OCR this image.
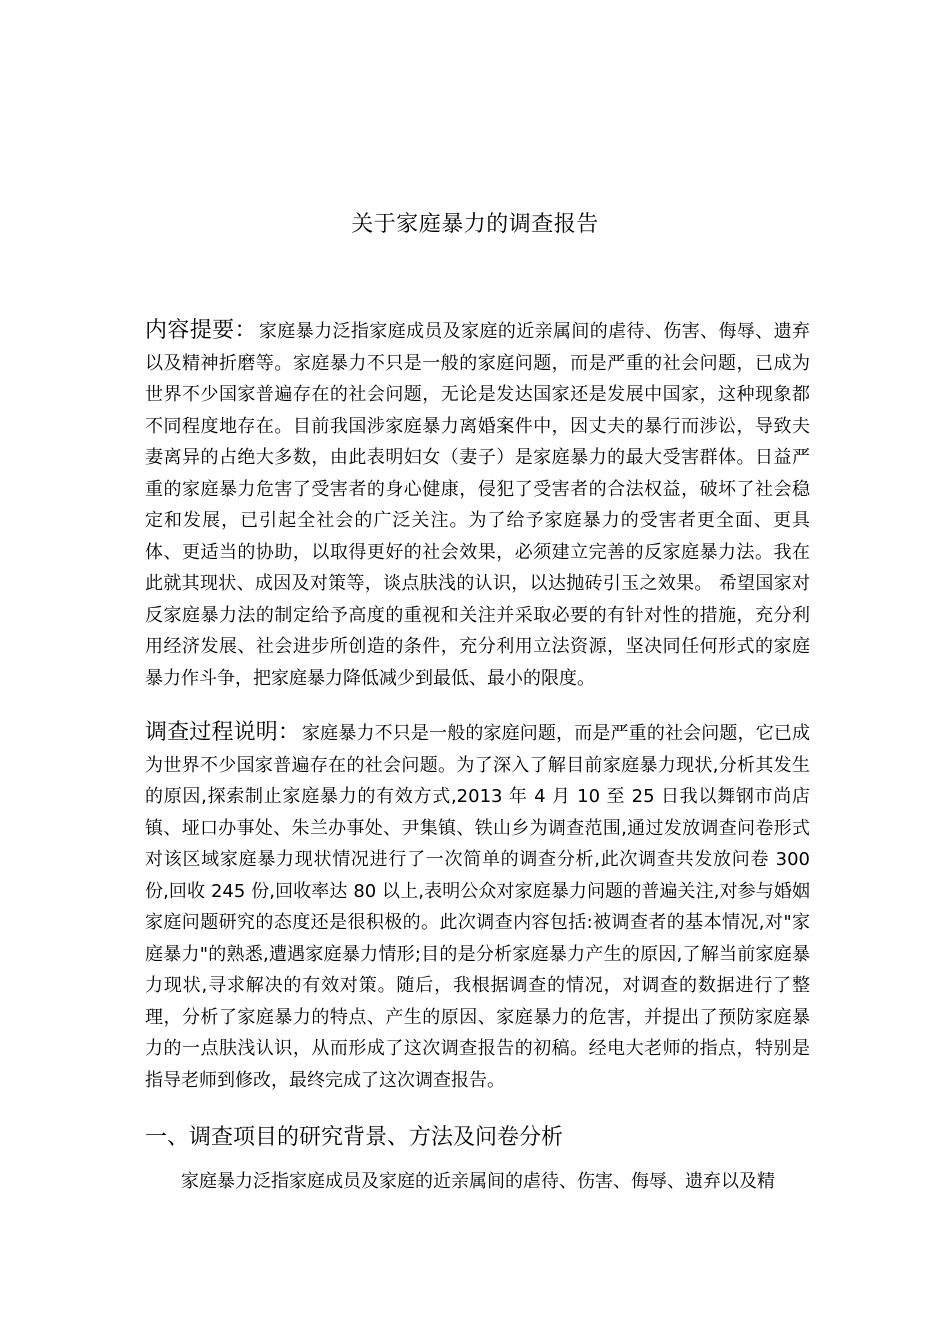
关于家庭暴力的调查报告
内容提要： 家庭暴力泛指家庭成员及家庭的近亲属间的虐待、伤害、侮辱、遗弃以及精神折磨等。家庭暴力不只是一般的家庭问题，而是严重的社会问题，已成为世界不少国家普遍存在的社会问题，无论是发达国家还是发展中国家，这种现象都不同程度地存在。目前我国涉家庭暴力离婚案件中，因丈夫的暴行而涉讼，导致夫妻离异的占绝大多数，由此表明妇女（妻子）是家庭暴力的最大受害群体。日益严重的家庭暴力危害了受害者的身心健康，侵犯了受害者的合法权益，破坏了社会稳定和发展，已引起全社会的广泛关注。为了给予家庭暴力的受害者更全面、更具体、更适当的协助，以取得更好的社会效果，必须建立完善的反家庭暴力法。我在此就其现状、成因及对策等，谈点肤浅的认识，以达抛砖引玉之效果。 希望国家对反家庭暴力法的制定给予高度的重视和关注并采取必要的有针对性的措施，充分利用经济发展、社会进步所创造的条件，充分利用立法资源，坚决同任何形式的家庭暴力作斗争，把家庭暴力降低减少到最低、最小的限度。
调查过程说明： 家庭暴力不只是一般的家庭问题，而是严重的社会问题，它已成为世界不少国家普遍存在的社会问题。为了深入了解目前家庭暴力现状,分析其发生的原因,探索制止家庭暴力的有效方式,2013 年 4 月 10 至 25 日我以舞钢市尚店镇、垭口办事处、朱兰办事处、尹集镇、铁山乡为调查范围,通过发放调查问卷形式对该区域家庭暴力现状情况进行了一次简单的调查分析,此次调查共发放问卷 300 份,回收 245 份,回收率达 80 以上,表明公众对家庭暴力问题的普遍关注,对参与婚姻家庭问题研究的态度还是很积极的。此次调查内容包括:被调查者的基本情况,对"家庭暴力"的熟悉,遭遇家庭暴力情形;目的是分析家庭暴力产生的原因,了解当前家庭暴力现状,寻求解决的有效对策。随后，我根据调查的情况，对调查的数据进行了整理，分析了家庭暴力的特点、产生的原因、家庭暴力的危害，并提出了预防家庭暴力的一点肤浅认识，从而形成了这次调查报告的初稿。经电大老师的指点，特别是指导老师到修改，最终完成了这次调查报告。
一、调查项目的研究背景、方法及问卷分析
家庭暴力泛指家庭成员及家庭的近亲属间的虐待、伤害、侮辱、遗弃以及精
